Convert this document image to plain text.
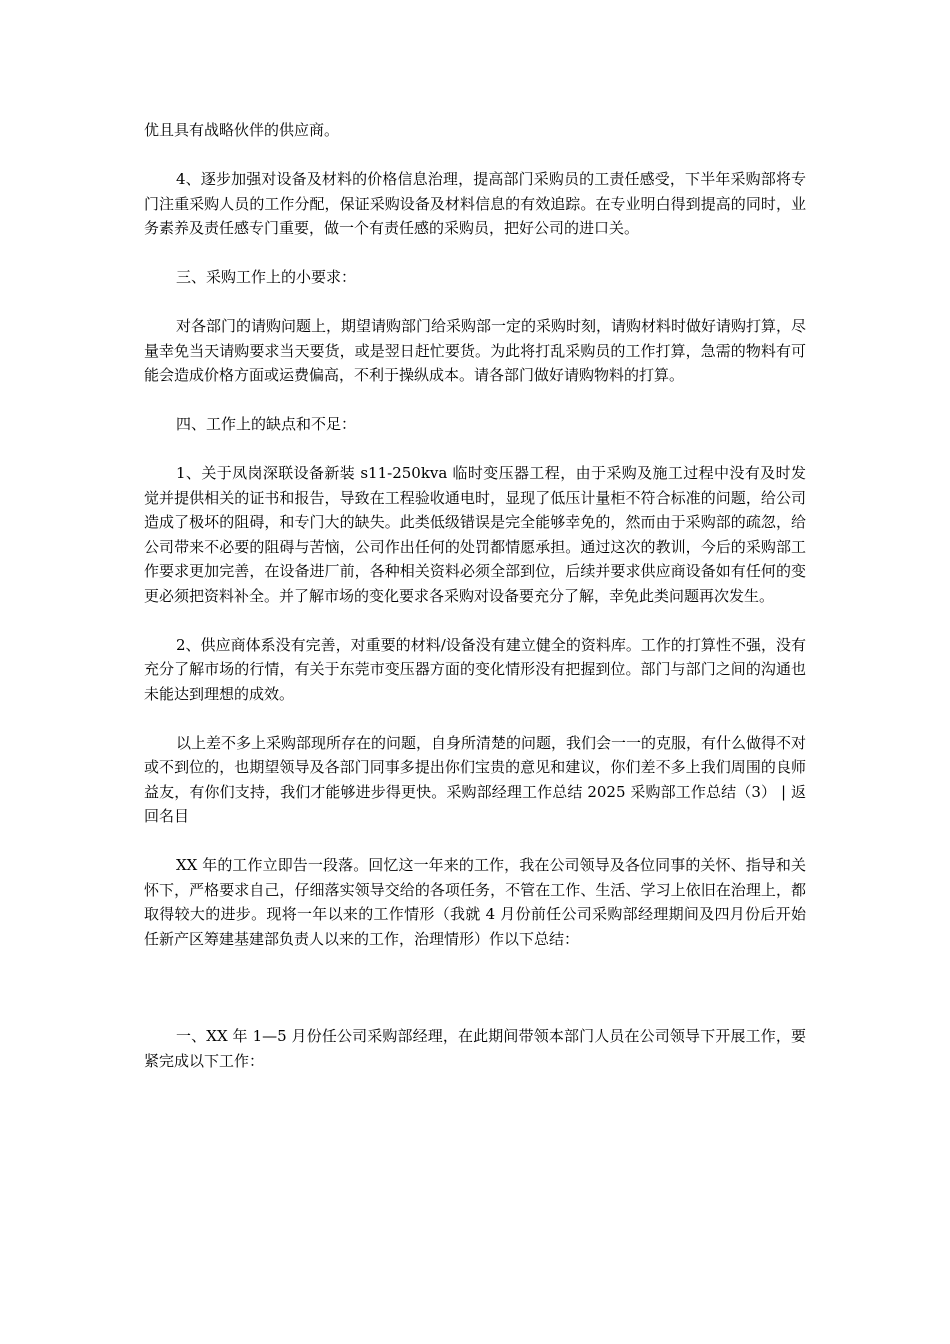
优且具有战略伙伴的供应商。

4、逐步加强对设备及材料的价格信息治理，提高部门采购员的工责任感受，下半年采购部将专门注重采购人员的工作分配，保证采购设备及材料信息的有效追踪。在专业明白得到提高的同时，业务素养及责任感专门重要，做一个有责任感的采购员，把好公司的进口关。

三、采购工作上的小要求：

对各部门的请购问题上，期望请购部门给采购部一定的采购时刻，请购材料时做好请购打算，尽量幸免当天请购要求当天要货，或是翌日赶忙要货。为此将打乱采购员的工作打算，急需的物料有可能会造成价格方面或运费偏高，不利于操纵成本。请各部门做好请购物料的打算。

四、工作上的缺点和不足：

1、关于凤岗深联设备新装 s11-250kva 临时变压器工程，由于采购及施工过程中没有及时发觉并提供相关的证书和报告，导致在工程验收通电时，显现了低压计量柜不符合标准的问题，给公司造成了极坏的阻碍，和专门大的缺失。此类低级错误是完全能够幸免的，然而由于采购部的疏忽，给公司带来不必要的阻碍与苦恼，公司作出任何的处罚都情愿承担。通过这次的教训，今后的采购部工作要求更加完善，在设备进厂前，各种相关资料必须全部到位，后续并要求供应商设备如有任何的变更必须把资料补全。并了解市场的变化要求各采购对设备要充分了解，幸免此类问题再次发生。

2、供应商体系没有完善，对重要的材料/设备没有建立健全的资料库。工作的打算性不强，没有充分了解市场的行情，有关于东莞市变压器方面的变化情形没有把握到位。部门与部门之间的沟通也未能达到理想的成效。

以上差不多上采购部现所存在的问题，自身所清楚的问题，我们会一一的克服，有什么做得不对或不到位的，也期望领导及各部门同事多提出你们宝贵的意见和建议，你们差不多上我们周围的良师益友，有你们支持，我们才能够进步得更快。采购部经理工作总结 2025 采购部工作总结（3） | 返回名目

XX 年的工作立即告一段落。回忆这一年来的工作，我在公司领导及各位同事的关怀、指导和关怀下，严格要求自己，仔细落实领导交给的各项任务，不管在工作、生活、学习上依旧在治理上，都取得较大的进步。现将一年以来的工作情形（我就 4 月份前任公司采购部经理期间及四月份后开始任新产区筹建基建部负责人以来的工作，治理情形）作以下总结：

一、XX 年 1—5 月份任公司采购部经理，在此期间带领本部门人员在公司领导下开展工作，要紧完成以下工作：
